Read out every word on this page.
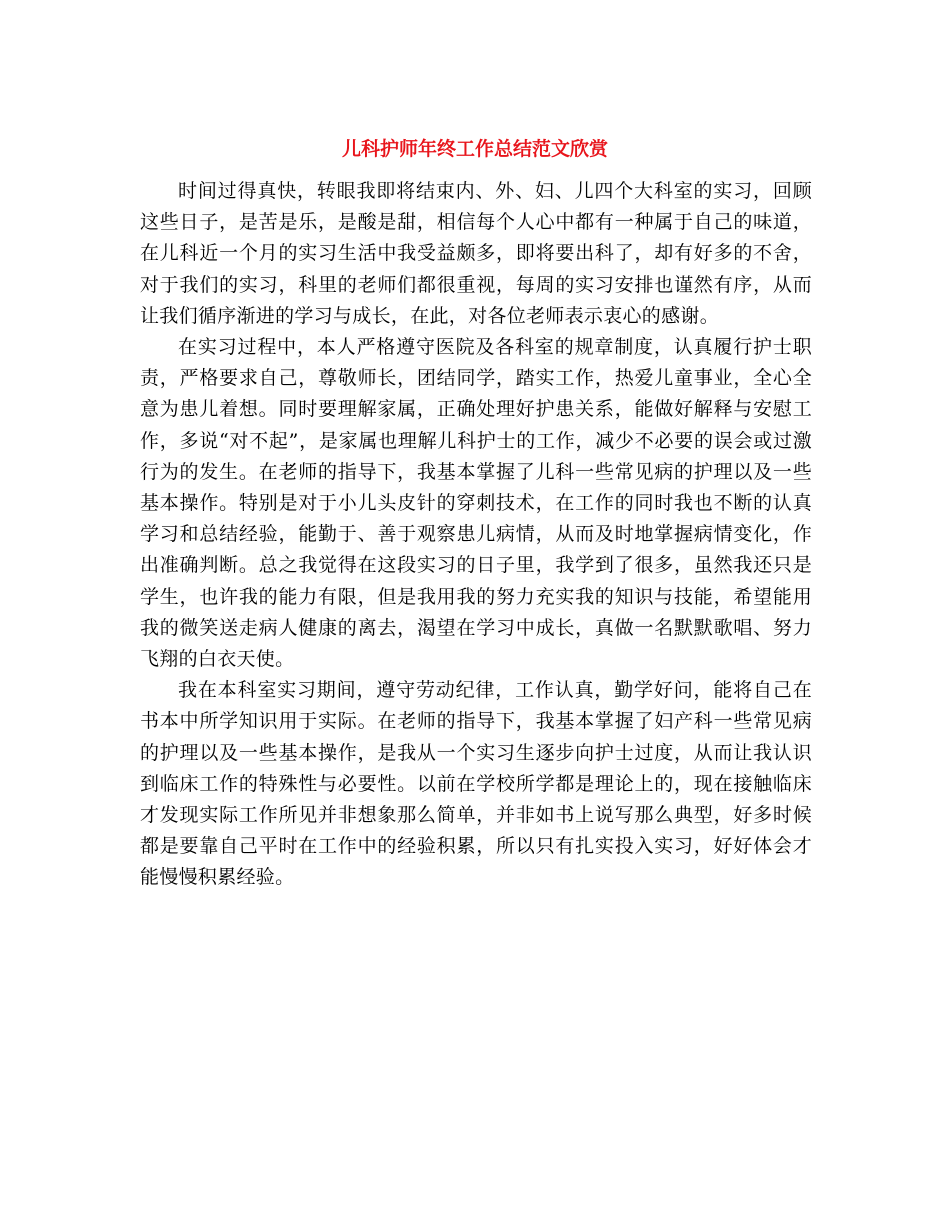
儿科护师年终工作总结范文欣赏

时间过得真快，转眼我即将结束内、外、妇、儿四个大科室的实习，回顾这些日子，是苦是乐，是酸是甜，相信每个人心中都有一种属于自己的味道，在儿科近一个月的实习生活中我受益颇多，即将要出科了，却有好多的不舍，对于我们的实习，科里的老师们都很重视，每周的实习安排也谨然有序，从而让我们循序渐进的学习与成长，在此，对各位老师表示衷心的感谢。

在实习过程中，本人严格遵守医院及各科室的规章制度，认真履行护士职责，严格要求自己，尊敬师长，团结同学，踏实工作，热爱儿童事业，全心全意为患儿着想。同时要理解家属，正确处理好护患关系，能做好解释与安慰工作，多说“对不起”，是家属也理解儿科护士的工作，减少不必要的误会或过激行为的发生。在老师的指导下，我基本掌握了儿科一些常见病的护理以及一些基本操作。特别是对于小儿头皮针的穿刺技术，在工作的同时我也不断的认真学习和总结经验，能勤于、善于观察患儿病情，从而及时地掌握病情变化，作出准确判断。总之我觉得在这段实习的日子里，我学到了很多，虽然我还只是学生，也许我的能力有限，但是我用我的努力充实我的知识与技能，希望能用我的微笑送走病人健康的离去，渴望在学习中成长，真做一名默默歌唱、努力飞翔的白衣天使。

我在本科室实习期间，遵守劳动纪律，工作认真，勤学好问，能将自己在书本中所学知识用于实际。在老师的指导下，我基本掌握了妇产科一些常见病的护理以及一些基本操作，是我从一个实习生逐步向护士过度，从而让我认识到临床工作的特殊性与必要性。以前在学校所学都是理论上的，现在接触临床才发现实际工作所见并非想象那么简单，并非如书上说写那么典型，好多时候都是要靠自己平时在工作中的经验积累，所以只有扎实投入实习，好好体会才能慢慢积累经验。
